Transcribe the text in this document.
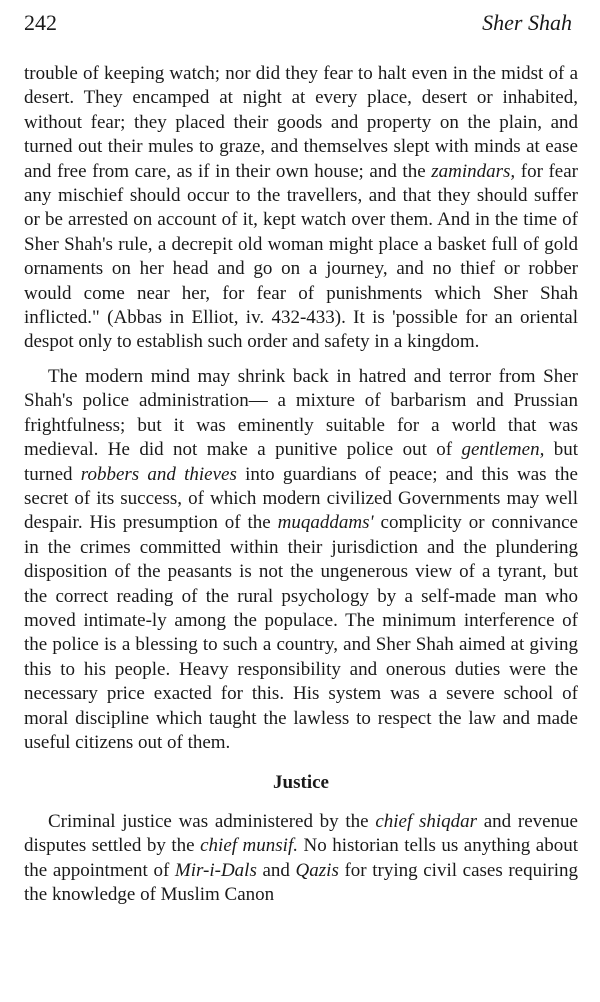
242	Sher Shah

trouble of keeping watch; nor did they fear to halt even in the midst of a desert. They encamped at night at every place, desert or inhabited, without fear; they placed their goods and property on the plain, and turned out their mules to graze, and themselves slept with minds at ease and free from care, as if in their own house; and the zamindars, for fear any mischief should occur to the travellers, and that they should suffer or be arrested on account of it, kept watch over them. And in the time of Sher Shah's rule, a decrepit old woman might place a basket full of gold ornaments on her head and go on a journey, and no thief or robber would come near her, for fear of punishments which Sher Shah inflicted." (Abbas in Elliot, iv. 432-433). It is 'possible for an oriental despot only to establish such order and safety in a kingdom.

The modern mind may shrink back in hatred and terror from Sher Shah's police administration— a mixture of barbarism and Prussian frightfulness; but it was eminently suitable for a world that was medieval. He did not make a punitive police out of gentlemen, but turned robbers and thieves into guardians of peace; and this was the secret of its success, of which modern civilized Governments may well despair. His presumption of the muqaddams' complicity or connivance in the crimes committed within their jurisdiction and the plundering disposition of the peasants is not the ungenerous view of a tyrant, but the correct reading of the rural psychology by a self-made man who moved intimate-ly among the populace. The minimum interference of the police is a blessing to such a country, and Sher Shah aimed at giving this to his people. Heavy responsibility and onerous duties were the necessary price exacted for this. His system was a severe school of moral discipline which taught the lawless to respect the law and made useful citizens out of them.

Justice

Criminal justice was administered by the chief shiqdar and revenue disputes settled by the chief munsif. No historian tells us anything about the appointment of Mir-i-Dals and Qazis for trying civil cases requiring the knowledge of Muslim Canon
